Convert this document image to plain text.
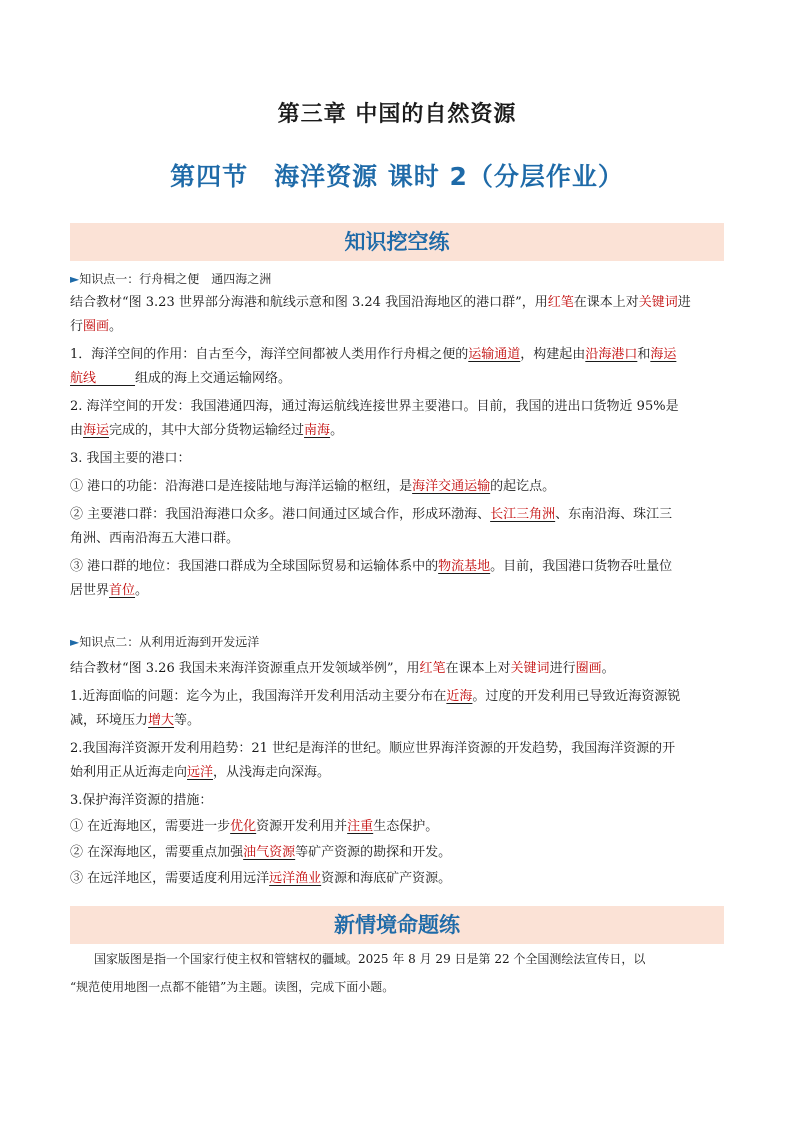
第三章 中国的自然资源
第四节　海洋资源 课时 2（分层作业）
知识挖空练
►知识点一：行舟楫之便　通四海之洲
结合教材“图 3.23 世界部分海港和航线示意和图 3.24 我国沿海地区的港口群”，用红笔在课本上对关键词进
行圈画。
1．海洋空间的作用：自古至今，海洋空间都被人类用作行舟楫之便的运输通道，构建起由沿海港口和海运
航线　　　	组成的海上交通运输网络。
2. 海洋空间的开发：我国港通四海，通过海运航线连接世界主要港口。目前，我国的进出口货物近 95%是
由海运完成的，其中大部分货物运输经过南海。
3. 我国主要的港口：
① 港口的功能：沿海港口是连接陆地与海洋运输的枢纽，是海洋交通运输的起讫点。
② 主要港口群：我国沿海港口众多。港口间通过区域合作，形成环渤海、长江三角洲、东南沿海、珠江三
角洲、西南沿海五大港口群。
③ 港口群的地位：我国港口群成为全球国际贸易和运输体系中的物流基地。目前，我国港口货物吞吐量位
居世界首位。
►知识点二：从利用近海到开发远洋
结合教材“图 3.26 我国未来海洋资源重点开发领域举例”，用红笔在课本上对关键词进行圈画。
1.近海面临的问题：迄今为止，我国海洋开发利用活动主要分布在近海。过度的开发利用已导致近海资源锐
减，环境压力增大等。
2.我国海洋资源开发利用趋势：21 世纪是海洋的世纪。顺应世界海洋资源的开发趋势，我国海洋资源的开
始利用正从近海走向远洋，从浅海走向深海。
3.保护海洋资源的措施：
① 在近海地区，需要进一步优化资源开发利用并注重生态保护。
② 在深海地区，需要重点加强油气资源等矿产资源的勘探和开发。
③ 在远洋地区，需要适度利用远洋远洋渔业资源和海底矿产资源。
新情境命题练
　　国家版图是指一个国家行使主权和管辖权的疆域。2025 年 8 月 29 日是第 22 个全国测绘法宣传日，以
“规范使用地图一点都不能错”为主题。读图，完成下面小题。
